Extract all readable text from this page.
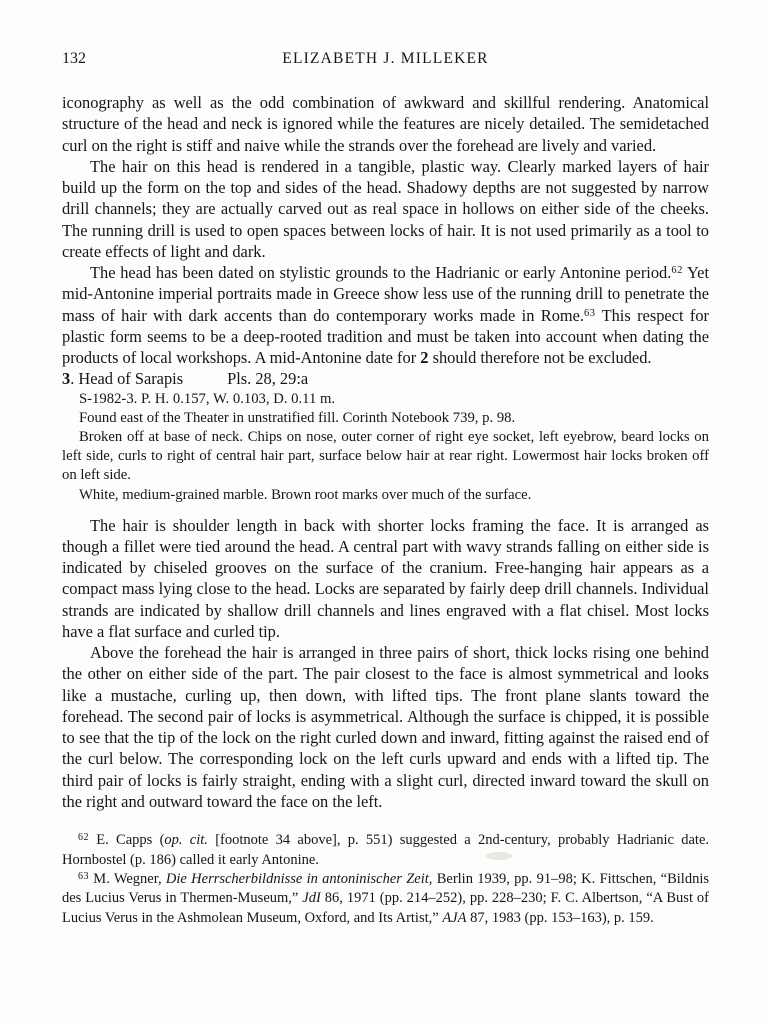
132	ELIZABETH J. MILLEKER

iconography as well as the odd combination of awkward and skillful rendering. Anatomical structure of the head and neck is ignored while the features are nicely detailed. The semidetached curl on the right is stiff and naive while the strands over the forehead are lively and varied.

The hair on this head is rendered in a tangible, plastic way. Clearly marked layers of hair build up the form on the top and sides of the head. Shadowy depths are not suggested by narrow drill channels; they are actually carved out as real space in hollows on either side of the cheeks. The running drill is used to open spaces between locks of hair. It is not used primarily as a tool to create effects of light and dark.

The head has been dated on stylistic grounds to the Hadrianic or early Antonine period.$^{62}$ Yet mid-Antonine imperial portraits made in Greece show less use of the running drill to penetrate the mass of hair with dark accents than do contemporary works made in Rome.$^{63}$ This respect for plastic form seems to be a deep-rooted tradition and must be taken into account when dating the products of local workshops. A mid-Antonine date for 2 should therefore not be excluded.

3. Head of Sarapis	Pls. 28, 29:a

S-1982-3. P. H. 0.157, W. 0.103, D. 0.11 m.

Found east of the Theater in unstratified fill. Corinth Notebook 739, p. 98.

Broken off at base of neck. Chips on nose, outer corner of right eye socket, left eyebrow, beard locks on left side, curls to right of central hair part, surface below hair at rear right. Lowermost hair locks broken off on left side.

White, medium-grained marble. Brown root marks over much of the surface.

The hair is shoulder length in back with shorter locks framing the face. It is arranged as though a fillet were tied around the head. A central part with wavy strands falling on either side is indicated by chiseled grooves on the surface of the cranium. Free-hanging hair appears as a compact mass lying close to the head. Locks are separated by fairly deep drill channels. Individual strands are indicated by shallow drill channels and lines engraved with a flat chisel. Most locks have a flat surface and curled tip.

Above the forehead the hair is arranged in three pairs of short, thick locks rising one behind the other on either side of the part. The pair closest to the face is almost symmetrical and looks like a mustache, curling up, then down, with lifted tips. The front plane slants toward the forehead. The second pair of locks is asymmetrical. Although the surface is chipped, it is possible to see that the tip of the lock on the right curled down and inward, fitting against the raised end of the curl below. The corresponding lock on the left curls upward and ends with a lifted tip. The third pair of locks is fairly straight, ending with a slight curl, directed inward toward the skull on the right and outward toward the face on the left.

$^{62}$ E. Capps (op. cit. [footnote 34 above], p. 551) suggested a 2nd-century, probably Hadrianic date. Hornbostel (p. 186) called it early Antonine.

$^{63}$ M. Wegner, Die Herrscherbildnisse in antoninischer Zeit, Berlin 1939, pp. 91–98; K. Fittschen, “Bildnis des Lucius Verus in Thermen-Museum,” JdI 86, 1971 (pp. 214–252), pp. 228–230; F. C. Albertson, “A Bust of Lucius Verus in the Ashmolean Museum, Oxford, and Its Artist,” AJA 87, 1983 (pp. 153–163), p. 159.
